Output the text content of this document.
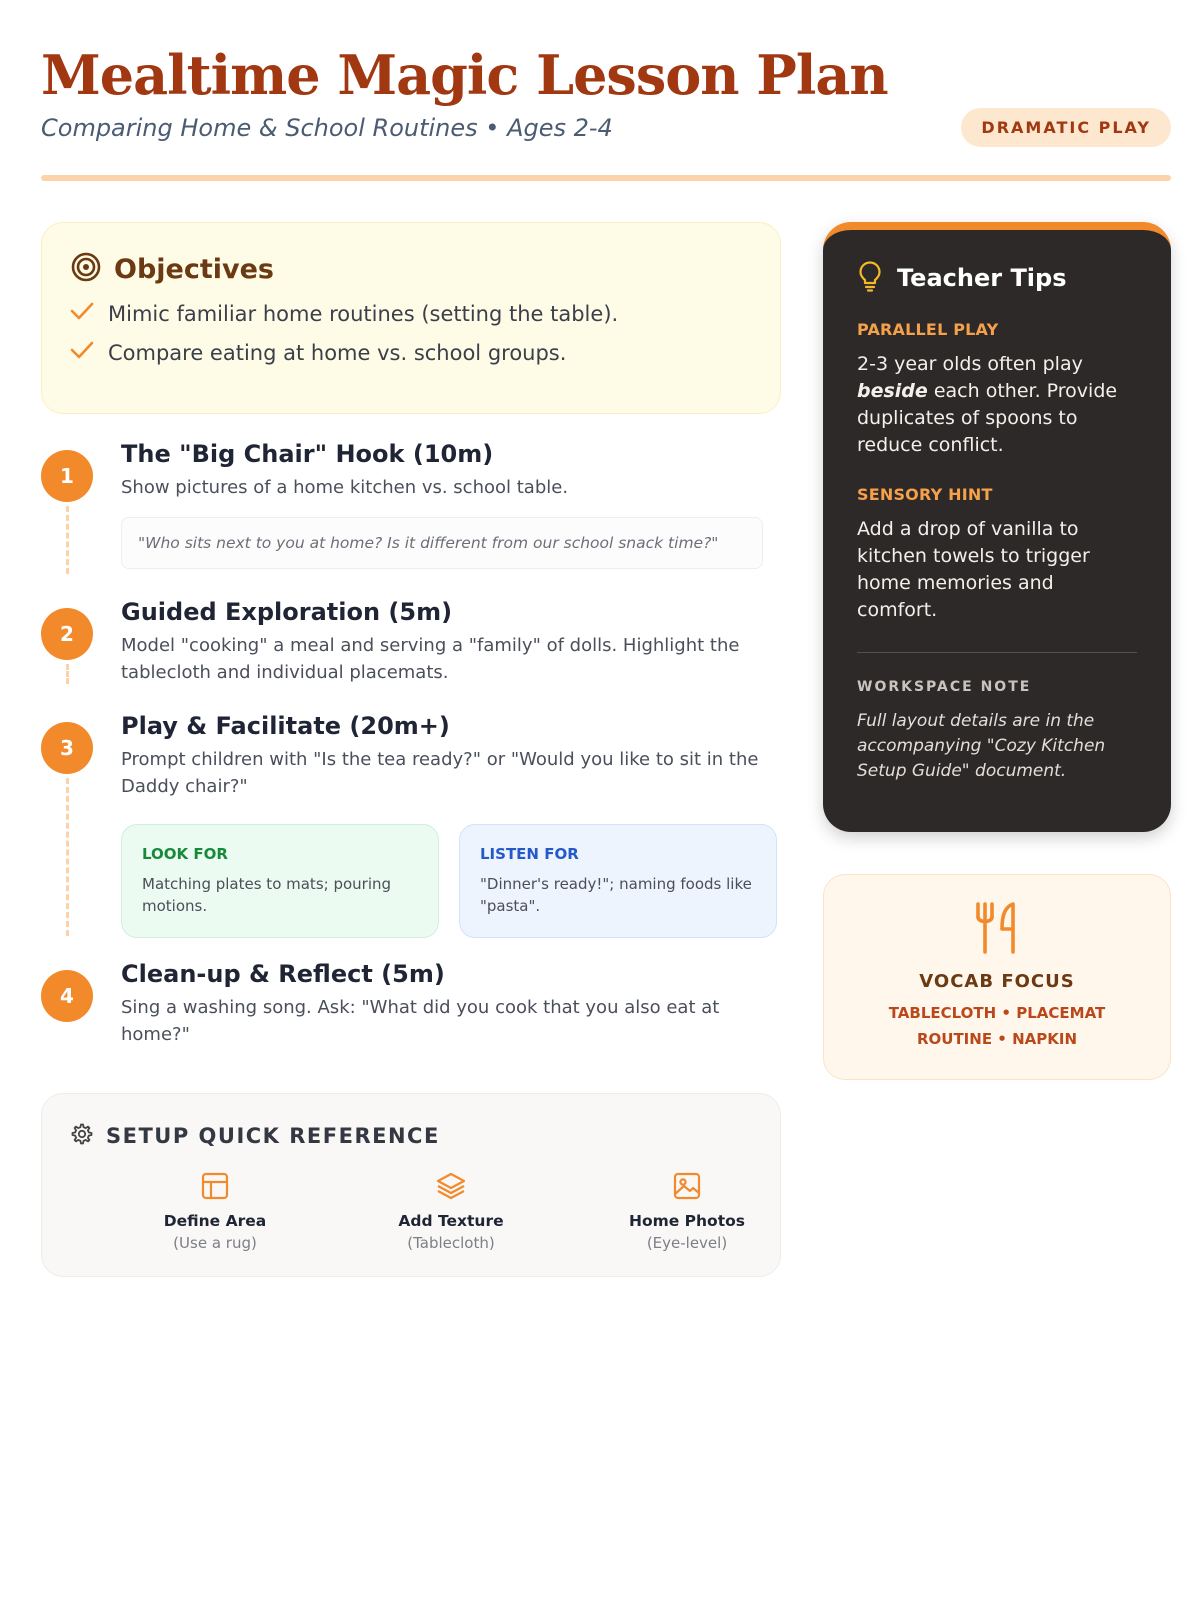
Mealtime Magic Lesson Plan
Comparing Home & School Routines • Ages 2-4	DRAMATIC PLAY
Objectives
Mimic familiar home routines (setting the table).
Compare eating at home vs. school groups.
1
The "Big Chair" Hook (10m)
Show pictures of a home kitchen vs. school table.
"Who sits next to you at home? Is it different from our school snack time?"
2
Guided Exploration (5m)
Model "cooking" a meal and serving a "family" of dolls. Highlight the tablecloth and individual placemats.
3
Play & Facilitate (20m+)
Prompt children with "Is the tea ready?" or "Would you like to sit in the Daddy chair?"
LOOK FOR
Matching plates to mats; pouring motions.
LISTEN FOR
"Dinner's ready!"; naming foods like "pasta".
4
Clean-up & Reflect (5m)
Sing a washing song. Ask: "What did you cook that you also eat at home?"
SETUP QUICK REFERENCE
Define Area
(Use a rug)
Add Texture
(Tablecloth)
Home Photos
(Eye-level)
Teacher Tips
PARALLEL PLAY
2-3 year olds often play beside each other. Provide duplicates of spoons to reduce conflict.
SENSORY HINT
Add a drop of vanilla to kitchen towels to trigger home memories and comfort.
WORKSPACE NOTE
Full layout details are in the accompanying "Cozy Kitchen Setup Guide" document.
VOCAB FOCUS
TABLECLOTH • PLACEMAT
ROUTINE • NAPKIN
